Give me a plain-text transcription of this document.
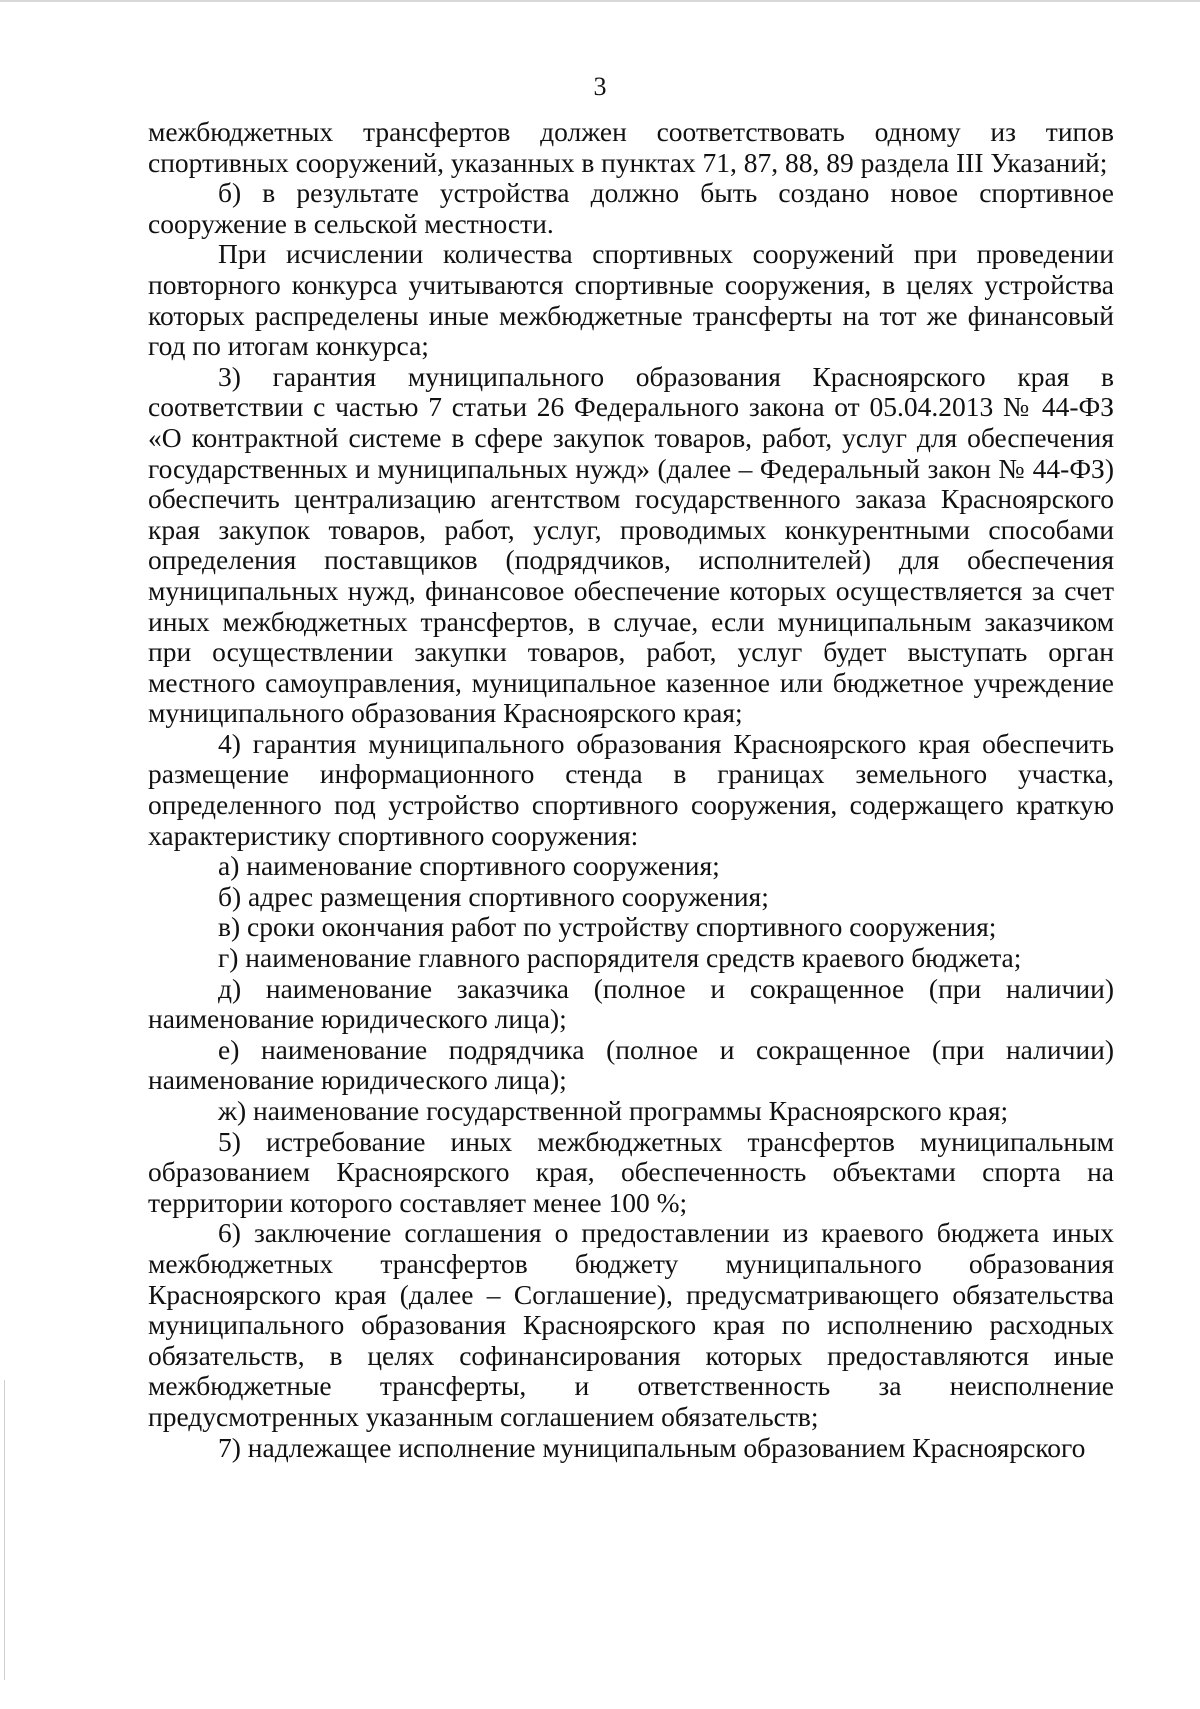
3

межбюджетных трансфертов должен соответствовать одному из типов спортивных сооружений, указанных в пунктах 71, 87, 88, 89 раздела III Указаний;

б) в результате устройства должно быть создано новое спортивное сооружение в сельской местности.

При исчислении количества спортивных сооружений при проведении повторного конкурса учитываются спортивные сооружения, в целях устройства которых распределены иные межбюджетные трансферты на тот же финансовый год по итогам конкурса;

3) гарантия муниципального образования Красноярского края в соответствии с частью 7 статьи 26 Федерального закона от 05.04.2013 № 44-ФЗ «О контрактной системе в сфере закупок товаров, работ, услуг для обеспечения государственных и муниципальных нужд» (далее – Федеральный закон № 44-ФЗ) обеспечить централизацию агентством государственного заказа Красноярского края закупок товаров, работ, услуг, проводимых конкурентными способами определения поставщиков (подрядчиков, исполнителей) для обеспечения муниципальных нужд, финансовое обеспечение которых осуществляется за счет иных межбюджетных трансфертов, в случае, если муниципальным заказчиком при осуществлении закупки товаров, работ, услуг будет выступать орган местного самоуправления, муниципальное казенное или бюджетное учреждение муниципального образования Красноярского края;

4) гарантия муниципального образования Красноярского края обеспечить размещение информационного стенда в границах земельного участка, определенного под устройство спортивного сооружения, содержащего краткую характеристику спортивного сооружения:

а) наименование спортивного сооружения;

б) адрес размещения спортивного сооружения;

в) сроки окончания работ по устройству спортивного сооружения;

г) наименование главного распорядителя средств краевого бюджета;

д) наименование заказчика (полное и сокращенное (при наличии) наименование юридического лица);

е) наименование подрядчика (полное и сокращенное (при наличии) наименование юридического лица);

ж) наименование государственной программы Красноярского края;

5) истребование иных межбюджетных трансфертов муниципальным образованием Красноярского края, обеспеченность объектами спорта на территории которого составляет менее 100 %;

6) заключение соглашения о предоставлении из краевого бюджета иных межбюджетных трансфертов бюджету муниципального образования Красноярского края (далее – Соглашение), предусматривающего обязательства муниципального образования Красноярского края по исполнению расходных обязательств, в целях софинансирования которых предоставляются иные межбюджетные трансферты, и ответственность за неисполнение предусмотренных указанным соглашением обязательств;

7) надлежащее исполнение муниципальным образованием Красноярского
